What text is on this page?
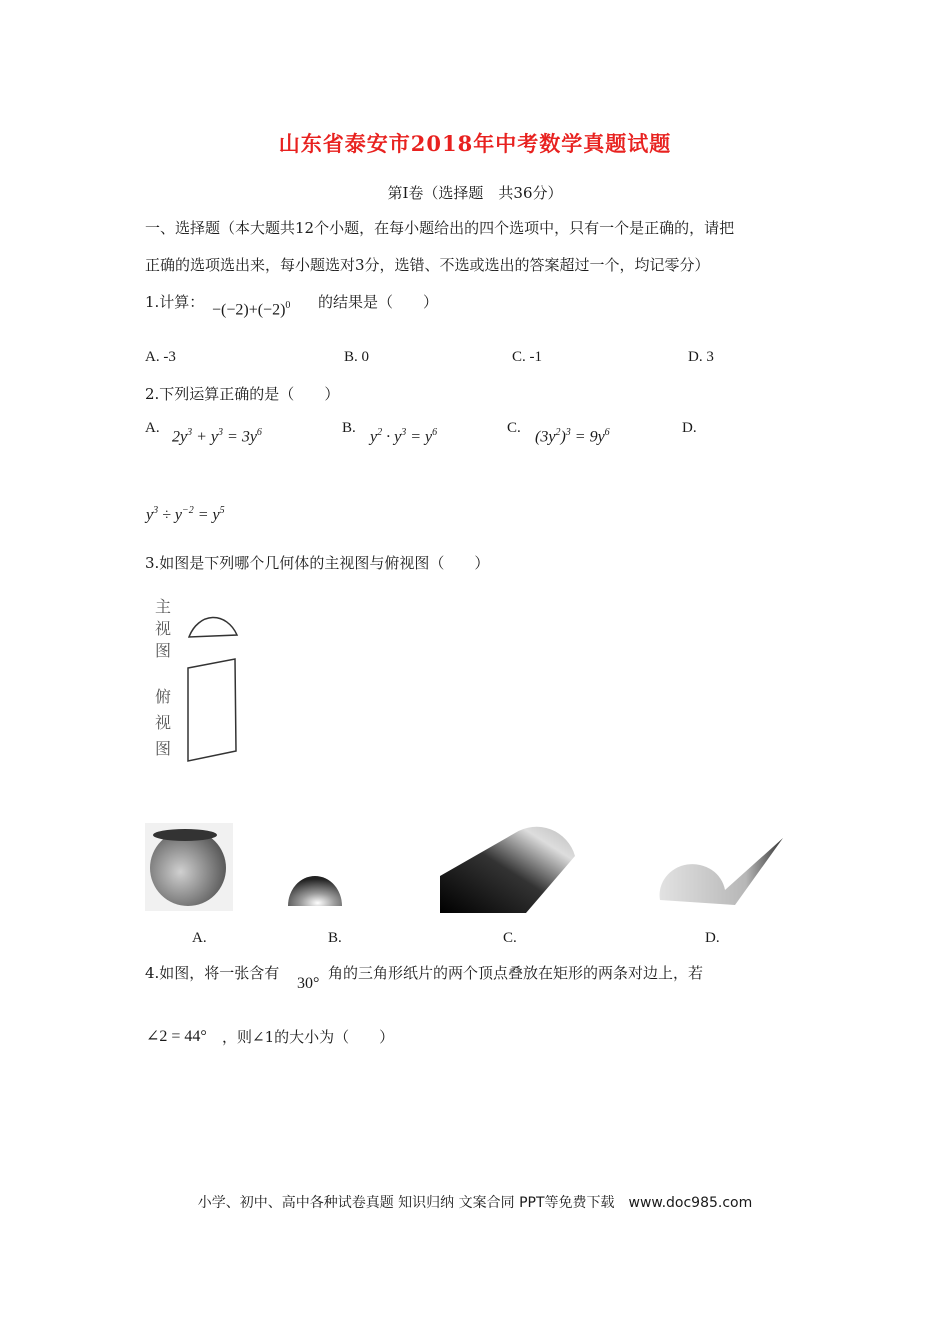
山东省泰安市2018年中考数学真题试题
第Ⅰ卷（选择题　共36分）
一、选择题（本大题共12个小题，在每小题给出的四个选项中，只有一个是正确的，请把
正确的选项选出来，每小题选对3分，选错、不选或选出的答案超过一个，均记零分）
1.计算： $-(-2)+(-2)^0$ 的结果是（　　）
A. -3	B. 0	C. -1	D. 3
2.下列运算正确的是（　　）
A.
$2y^3 + y^3 = 3y^6$	B.
$y^2 \cdot y^3 = y^6$	C.
$(3y^2)^3 = 9y^6$	D.
$y^3 \div y^{-2} = y^5$
3.如图是下列哪个几何体的主视图与俯视图（　　）
主
视
图
俯
视
图
A.	B.	C.	D.
4.如图，将一张含有
30°
角的三角形纸片的两个顶点叠放在矩形的两条对边上，若
∠2 = 44° ，则∠1的大小为（　　）
小学、初中、高中各种试卷真题 知识归纳 文案合同 PPT等免费下载　www.doc985.com
